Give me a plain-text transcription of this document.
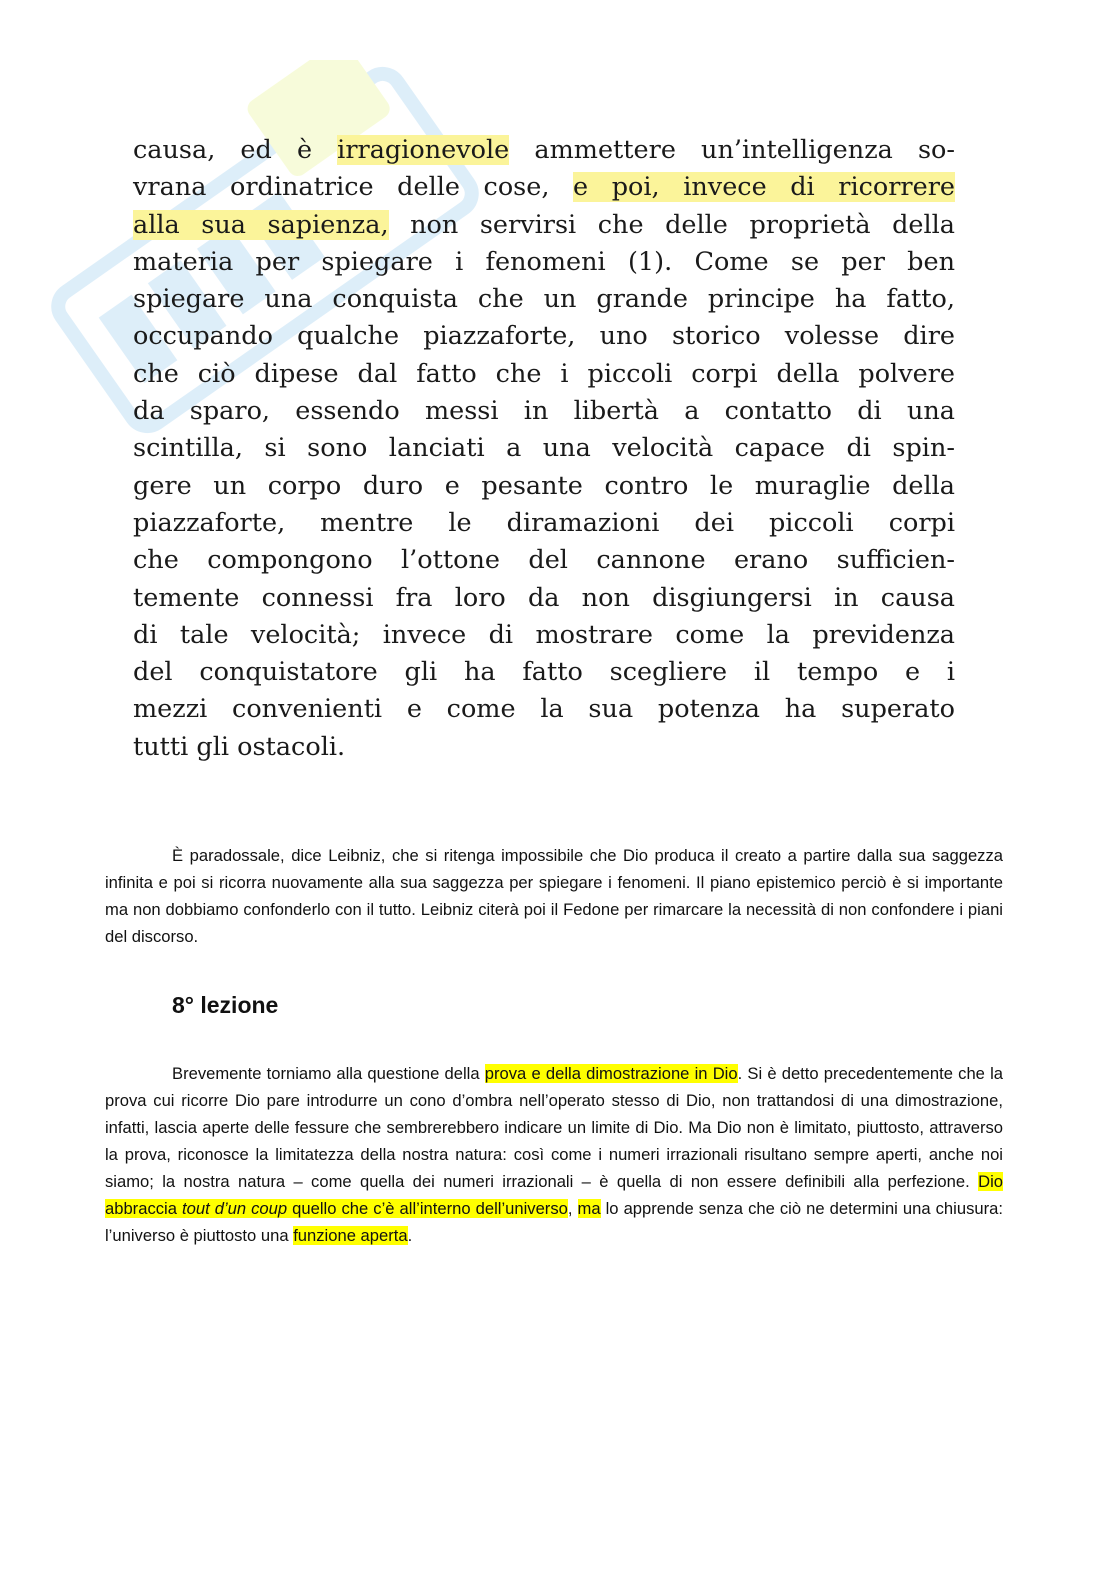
causa, ed è irragionevole ammettere un’intelligenza so-
vrana ordinatrice delle cose, e poi, invece di ricorrere
alla sua sapienza, non servirsi che delle proprietà della
materia per spiegare i fenomeni (1). Come se per ben
spiegare una conquista che un grande principe ha fatto,
occupando qualche piazzaforte, uno storico volesse dire
che ciò dipese dal fatto che i piccoli corpi della polvere
da sparo, essendo messi in libertà a contatto di una
scintilla, si sono lanciati a una velocità capace di spin-
gere un corpo duro e pesante contro le muraglie della
piazzaforte, mentre le diramazioni dei piccoli corpi
che compongono l’ottone del cannone erano sufficien-
temente connessi fra loro da non disgiungersi in causa
di tale velocità; invece di mostrare come la previdenza
del conquistatore gli ha fatto scegliere il tempo e i
mezzi convenienti e come la sua potenza ha superato
tutti gli ostacoli.

È paradossale, dice Leibniz, che si ritenga impossibile che Dio produca il creato a partire dalla sua saggezza infinita e poi si ricorra nuovamente alla sua saggezza per spiegare i fenomeni. Il piano epistemico perciò è si importante ma non dobbiamo confonderlo con il tutto. Leibniz citerà poi il Fedone per rimarcare la necessità di non confondere i piani del discorso.

8° lezione

Brevemente torniamo alla questione della prova e della dimostrazione in Dio. Si è detto precedentemente che la prova cui ricorre Dio pare introdurre un cono d’ombra nell’operato stesso di Dio, non trattandosi di una dimostrazione, infatti, lascia aperte delle fessure che sembrerebbero indicare un limite di Dio. Ma Dio non è limitato, piuttosto, attraverso la prova, riconosce la limitatezza della nostra natura: così come i numeri irrazionali risultano sempre aperti, anche noi siamo; la nostra natura – come quella dei numeri irrazionali – è quella di non essere definibili alla perfezione. Dio abbraccia tout d’un coup quello che c’è all’interno dell’universo, ma lo apprende senza che ciò ne determini una chiusura: l’universo è piuttosto una funzione aperta.
